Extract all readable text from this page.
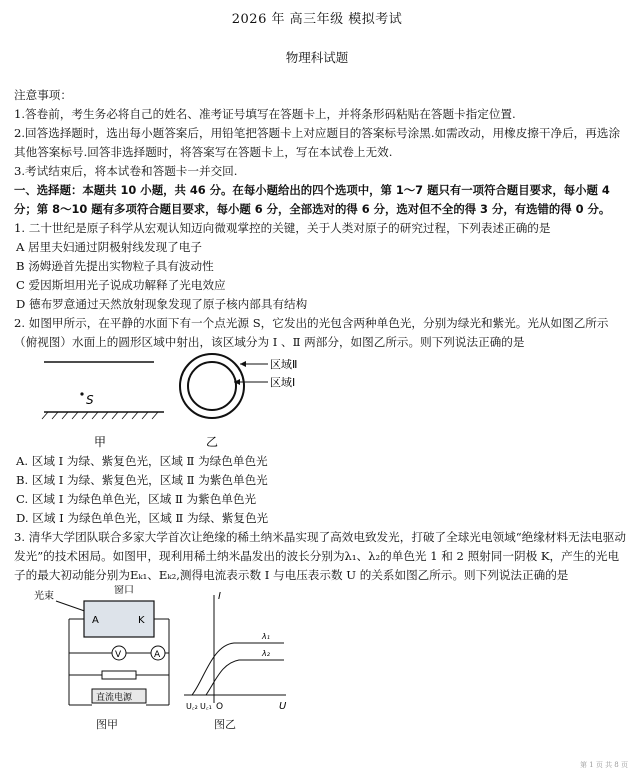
2026 年 高三年级 模拟考试
物理科试题

注意事项：

1.答卷前，考生务必将自己的姓名、准考证号填写在答题卡上，并将条形码粘贴在答题卡指定位置.

2.回答选择题时，选出每小题答案后，用铅笔把答题卡上对应题目的答案标号涂黑.如需改动，用橡皮擦干净后，再选涂其他答案标号.回答非选择题时，将答案写在答题卡上，写在本试卷上无效.

3.考试结束后，将本试卷和答题卡一并交回.

一、选择题：本题共 10 小题，共 46 分。在每小题给出的四个选项中，第 1～7 题只有一项符合题目要求，每小题 4 分；第 8～10 题有多项符合题目要求，每小题 6 分，全部选对的得 6 分，选对但不全的得 3 分，有选错的得 0 分。

1. 二十世纪是原子科学从宏观认知迈向微观掌控的关键，关于人类对原子的研究过程，下列表述正确的是

A 居里夫妇通过阴极射线发现了电子

B 汤姆逊首先提出实物粒子具有波动性

C 爱因斯坦用光子说成功解释了光电效应

D 德布罗意通过天然放射现象发现了原子核内部具有结构

2. 如图甲所示，在平静的水面下有一个点光源 S，它发出的光包含两种单色光，分别为绿光和紫光。光从如图乙所示（俯视图）水面上的圆形区域中射出，该区域分为 Ⅰ 、Ⅱ 两部分，如图乙所示。则下列说法正确的是

S
甲
区域Ⅱ
区域Ⅰ
乙

A. 区域 Ⅰ 为绿、紫复色光，区域 Ⅱ 为绿色单色光

B. 区域 Ⅰ 为绿、紫复色光，区域 Ⅱ 为紫色单色光

C. 区域 Ⅰ 为绿色单色光，区域 Ⅱ 为紫色单色光

D. 区域 Ⅰ 为绿色单色光，区域 Ⅱ 为绿、紫复色光

3. 清华大学团队联合多家大学首次让绝缘的稀土纳米晶实现了高效电致发光，打破了全球光电领域“绝缘材料无法电驱动发光”的技术困局。如图甲，现利用稀土纳米晶发出的波长分别为λ₁、λ₂的单色光 1 和 2 照射同一阴极 K，产生的光电子的最大初动能分别为Eₖ₁、Eₖ₂,测得电流表示数 I 与电压表示数 U 的关系如图乙所示。则下列说法正确的是

光束
窗口
A	K
V	A
直流电源
I
U
O
U꜀₂ U꜀₁
λ₁
λ₂
图甲	图乙
第 1 页 共 8 页
